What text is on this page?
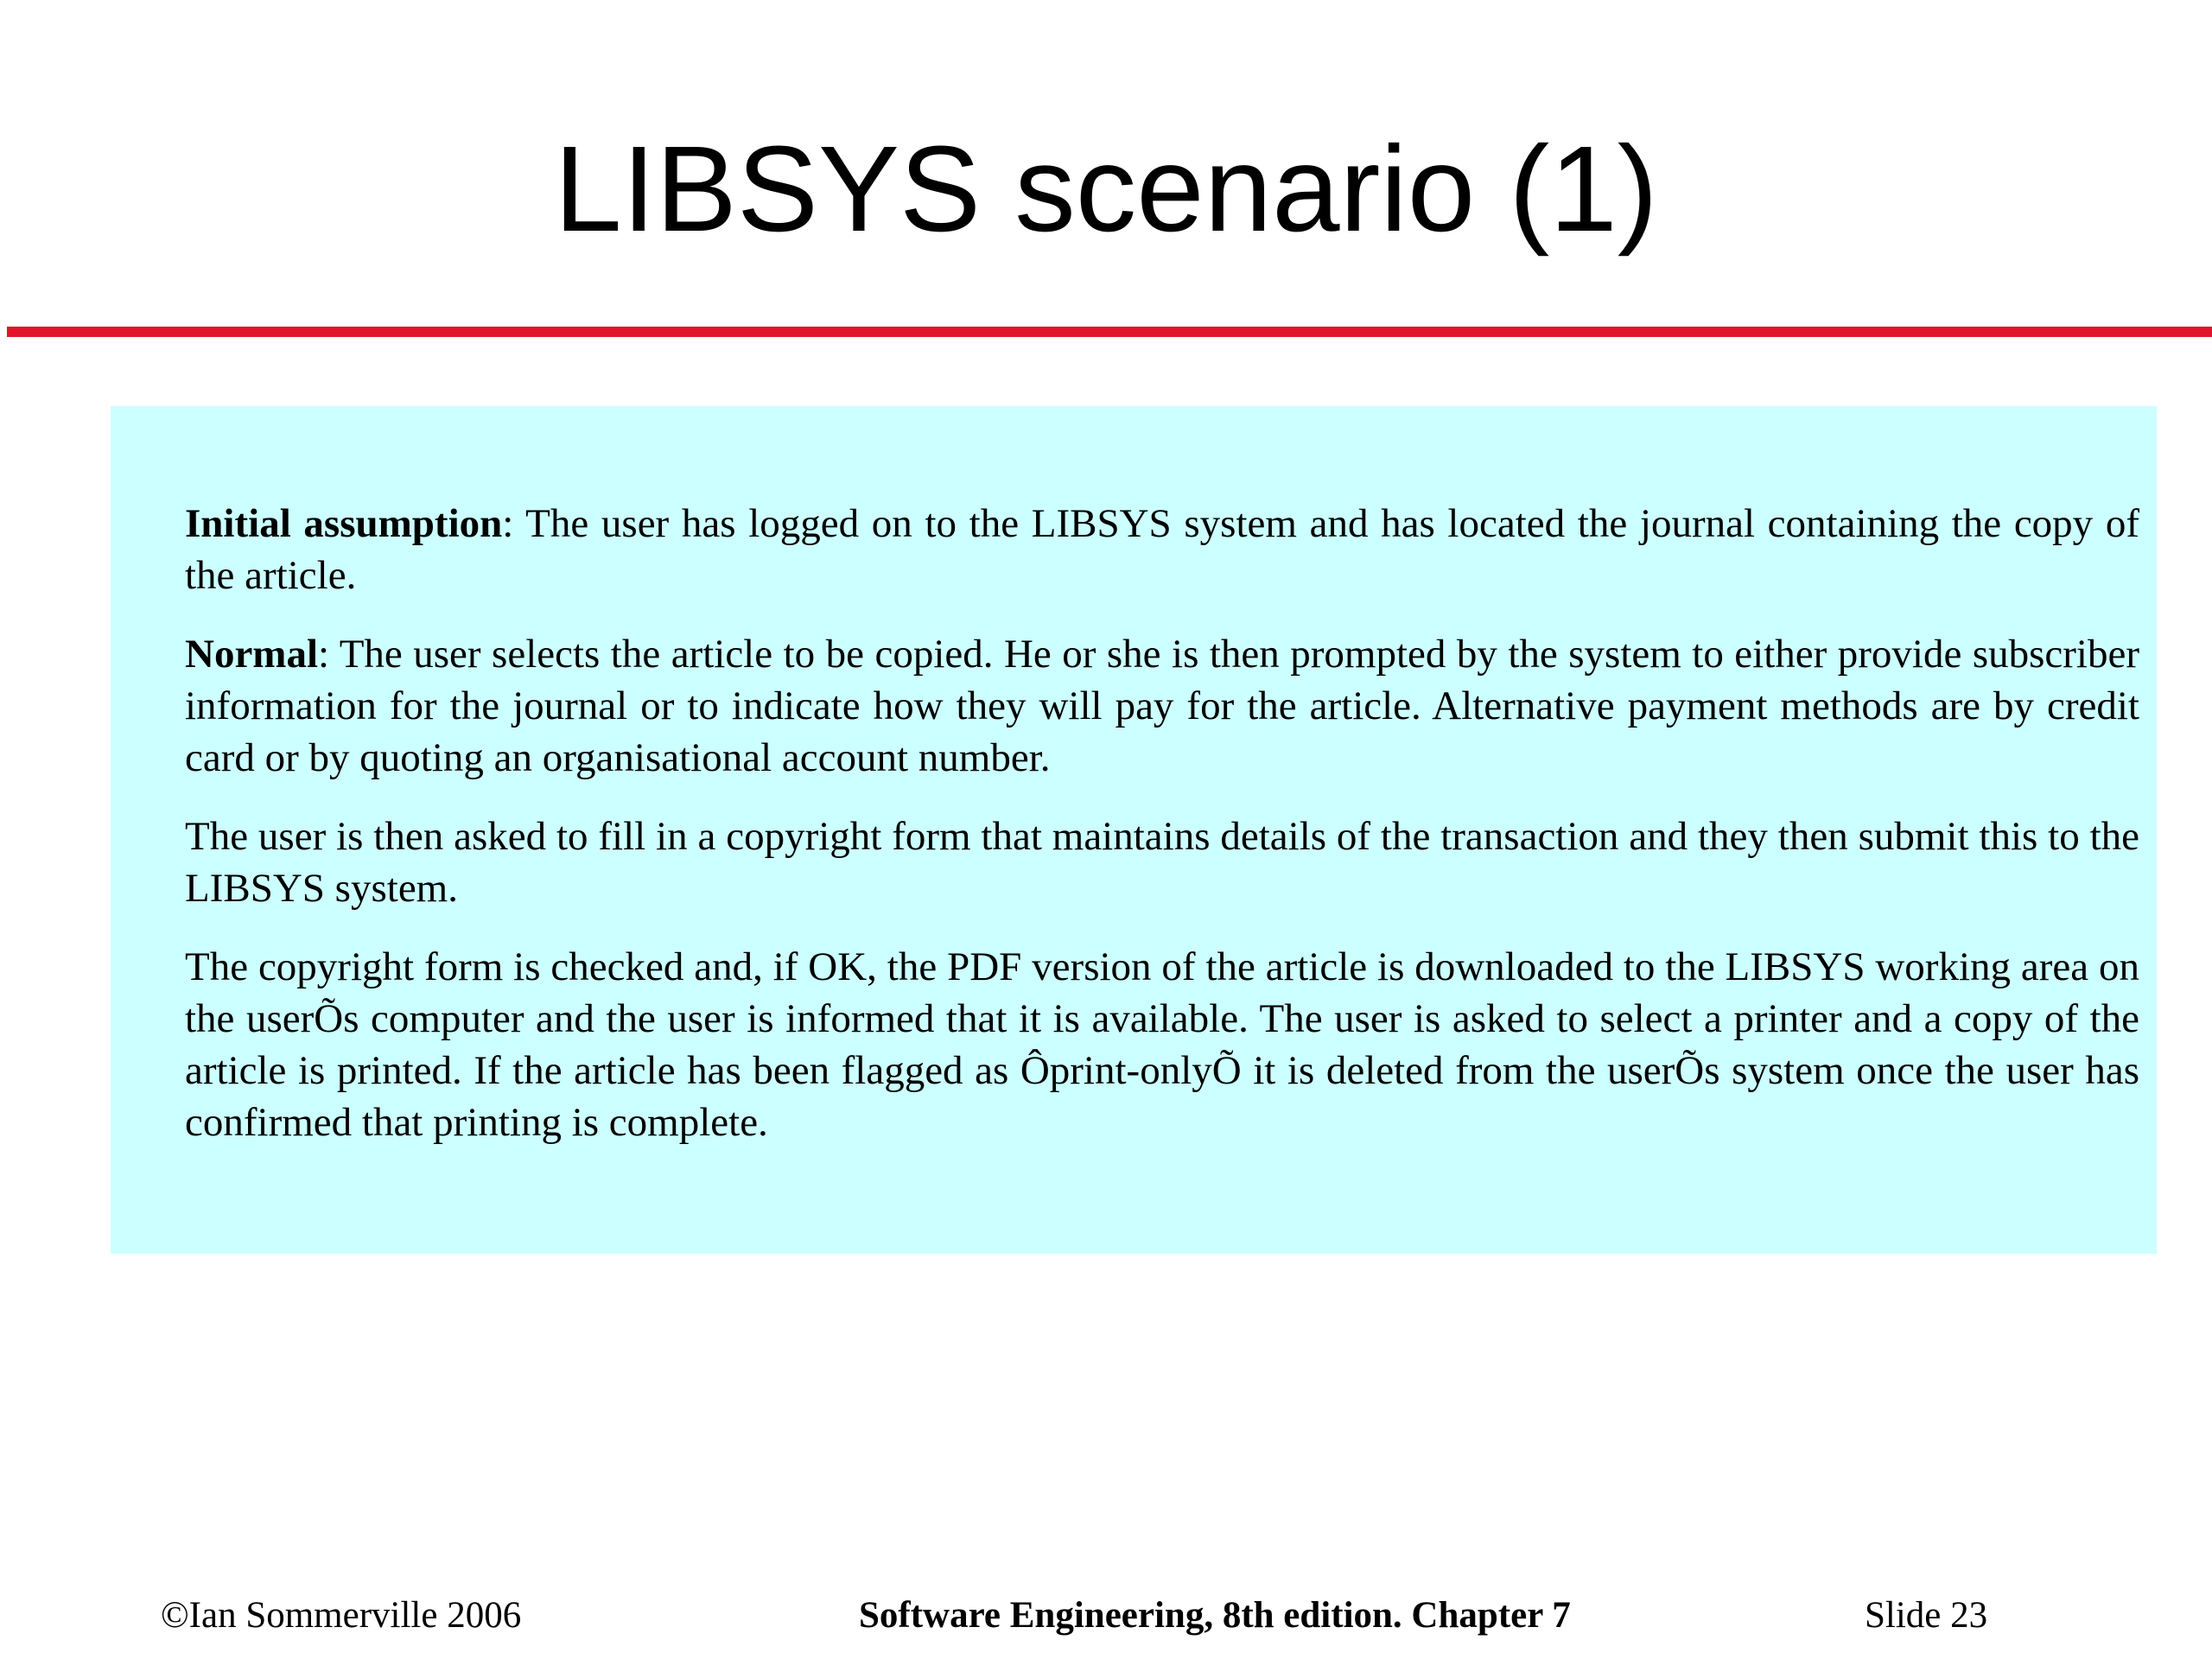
LIBSYS scenario (1)

Initial assumption: The user has logged on to the LIBSYS system and has located the journal containing the copy of the article.

Normal: The user selects the article to be copied. He or she is then prompted by the system to either provide subscriber information for the journal or to indicate how they will pay for the article. Alternative payment methods are by credit card or by quoting an organisational account number.

The user is then asked to fill in a copyright form that maintains details of the transaction and they then submit this to the LIBSYS system.

The copyright form is checked and, if OK, the PDF version of the article is downloaded to the LIBSYS working area on the userÕs computer and the user is informed that it is available. The user is asked to select a printer and a copy of the article is printed. If the article has been flagged as Ôprint-onlyÕ it is deleted from the userÕs system once the user has confirmed that printing is complete.

©Ian Sommerville 2006	Software Engineering, 8th edition. Chapter 7	Slide 23
